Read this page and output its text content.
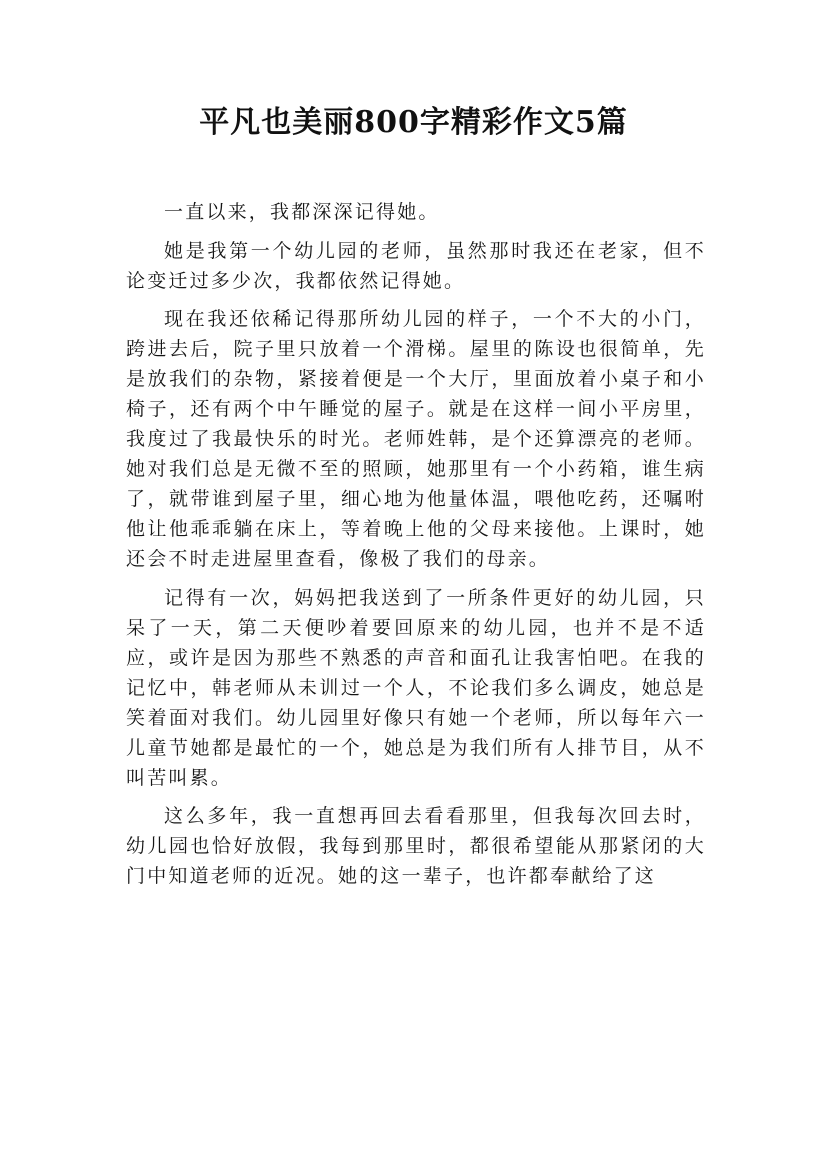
平凡也美丽800字精彩作文5篇

一直以来，我都深深记得她。

她是我第一个幼儿园的老师，虽然那时我还在老家，但不论变迁过多少次，我都依然记得她。

现在我还依稀记得那所幼儿园的样子，一个不大的小门，跨进去后，院子里只放着一个滑梯。屋里的陈设也很简单，先是放我们的杂物，紧接着便是一个大厅，里面放着小桌子和小椅子，还有两个中午睡觉的屋子。就是在这样一间小平房里，我度过了我最快乐的时光。老师姓韩，是个还算漂亮的老师。她对我们总是无微不至的照顾，她那里有一个小药箱，谁生病了，就带谁到屋子里，细心地为他量体温，喂他吃药，还嘱咐他让他乖乖躺在床上，等着晚上他的父母来接他。上课时，她还会不时走进屋里查看，像极了我们的母亲。

记得有一次，妈妈把我送到了一所条件更好的幼儿园，只呆了一天，第二天便吵着要回原来的幼儿园，也并不是不适应，或许是因为那些不熟悉的声音和面孔让我害怕吧。在我的记忆中，韩老师从未训过一个人，不论我们多么调皮，她总是笑着面对我们。幼儿园里好像只有她一个老师，所以每年六一儿童节她都是最忙的一个，她总是为我们所有人排节目，从不叫苦叫累。

这么多年，我一直想再回去看看那里，但我每次回去时，幼儿园也恰好放假，我每到那里时，都很希望能从那紧闭的大门中知道老师的近况。她的这一辈子，也许都奉献给了这
